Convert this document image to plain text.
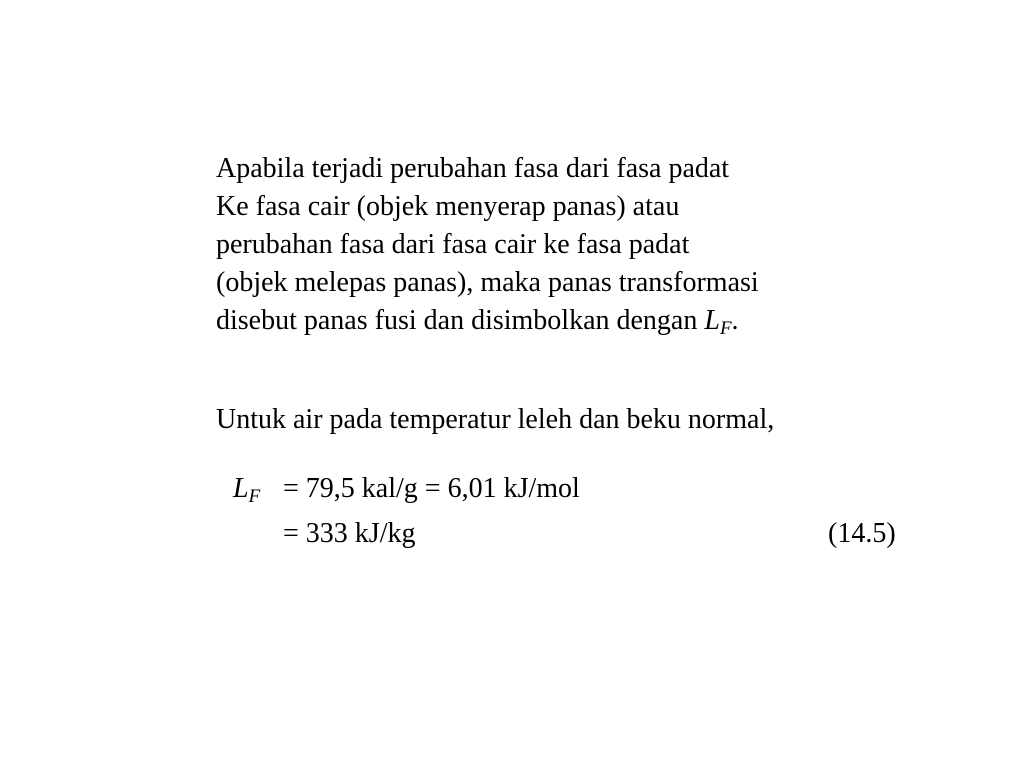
Apabila terjadi perubahan fasa dari fasa padat
Ke fasa cair (objek menyerap panas) atau
perubahan fasa dari fasa cair ke fasa padat
(objek melepas panas), maka panas transformasi
disebut panas fusi dan disimbolkan dengan $L_F$.
Untuk air pada temperatur leleh dan beku normal,
$L_F = 79,5$ kal/g = 6,01 kJ/mol
= 333 kJ/kg	(14.5)
